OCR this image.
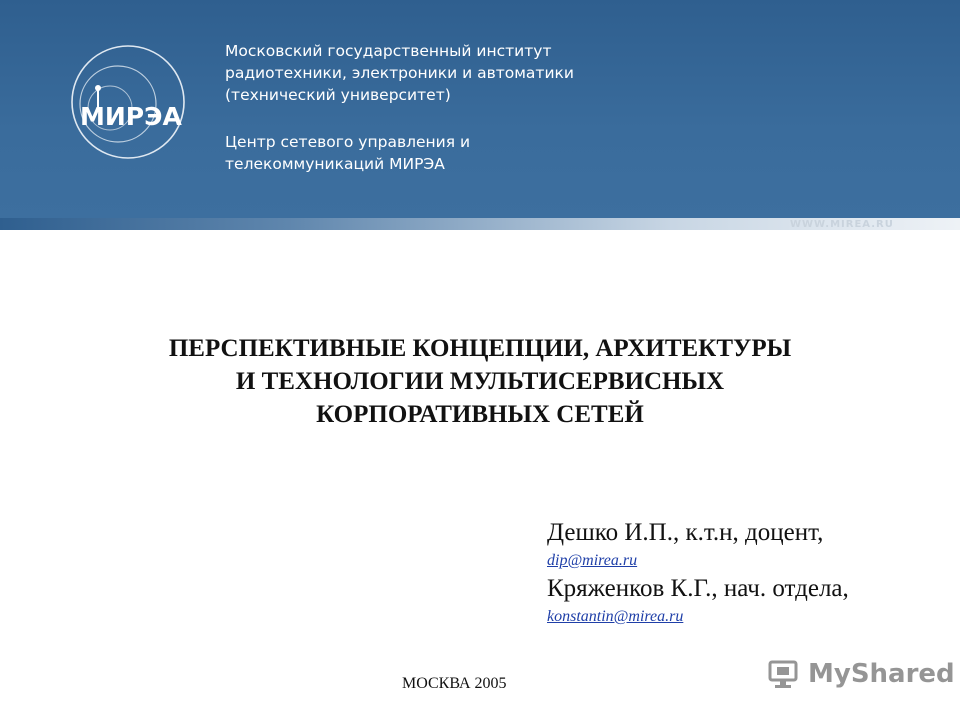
МИРЭА
Московский государственный институт
радиотехники, электроники и автоматики
(технический университет)
Центр сетевого управления и
телекоммуникаций МИРЭА
WWW.MIREA.RU
ПЕРСПЕКТИВНЫЕ КОНЦЕПЦИИ, АРХИТЕКТУРЫ
И ТЕХНОЛОГИИ МУЛЬТИСЕРВИСНЫХ
КОРПОРАТИВНЫХ СЕТЕЙ
Дешко И.П., к.т.н, доцент,
dip@mirea.ru
Кряженков К.Г., нач. отдела,
konstantin@mirea.ru
МОСКВА 2005	MyShared
